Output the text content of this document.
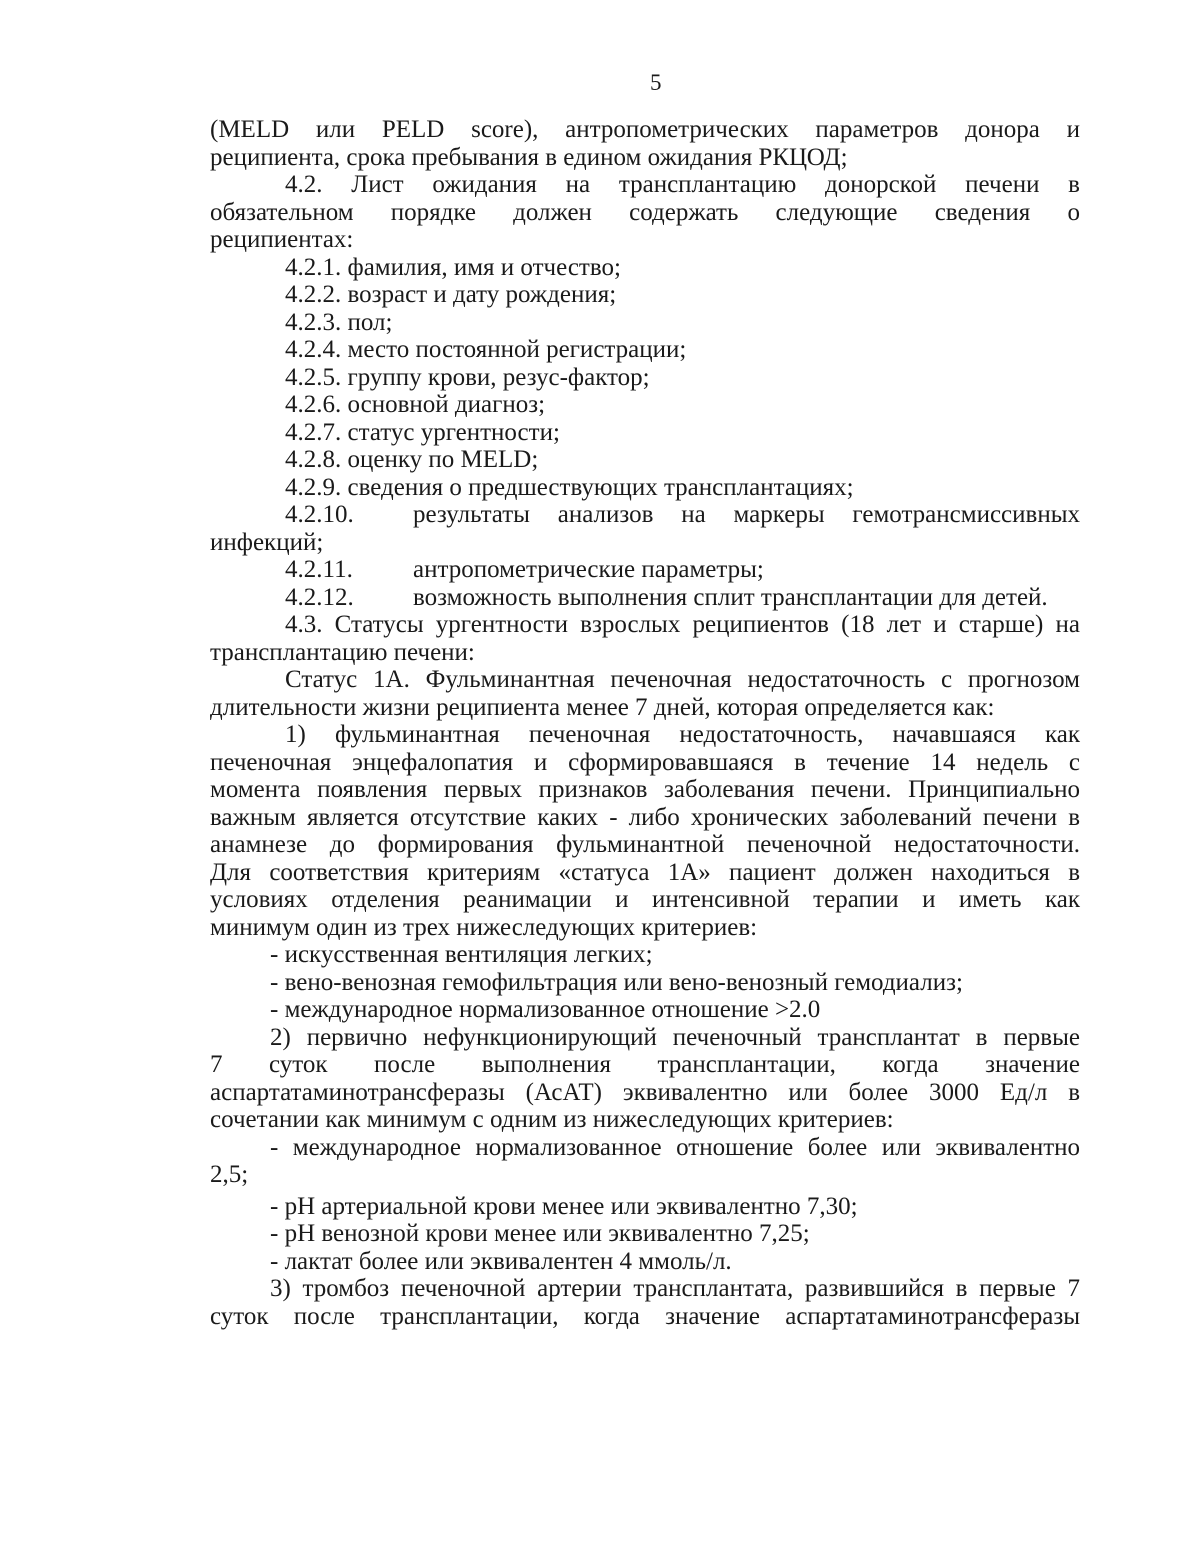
5

(MELD или PELD score), антропометрических параметров донора и

реципиента, срока пребывания в едином ожидания РКЦОД;

4.2. Лист ожидания на трансплантацию донорской печени в

обязательном порядке должен содержать следующие сведения о

реципиентах:

4.2.1. фамилия, имя и отчество;

4.2.2. возраст и дату рождения;

4.2.3. пол;

4.2.4. место постоянной регистрации;

4.2.5. группу крови, резус-фактор;

4.2.6. основной диагноз;

4.2.7. статус ургентности;

4.2.8. оценку по MELD;

4.2.9. сведения о предшествующих трансплантациях;

4.2.10.	результаты анализов на маркеры гемотрансмиссивных

инфекций;

4.2.11.	антропометрические параметры;
4.2.12.	возможность выполнения сплит трансплантации для детей.

4.3. Статусы ургентности взрослых реципиентов (18 лет и старше) на

трансплантацию печени:

Статус 1А. Фульминантная печеночная недостаточность с прогнозом

длительности жизни реципиента менее 7 дней, которая определяется как:

1) фульминантная печеночная недостаточность, начавшаяся как

печеночная энцефалопатия и сформировавшаяся в течение 14 недель с

момента появления первых признаков заболевания печени. Принципиально

важным является отсутствие каких - либо хронических заболеваний печени в

анамнезе до формирования фульминантной печеночной недостаточности.

Для соответствия критериям «статуса 1А» пациент должен находиться в

условиях отделения реанимации и интенсивной терапии и иметь как

минимум один из трех нижеследующих критериев:

- искусственная вентиляция легких;

- вено-венозная гемофильтрация или вено-венозный гемодиализ;

- международное нормализованное отношение >2.0

2) первично нефункционирующий печеночный трансплантат в первые

7 суток после выполнения трансплантации, когда значение

аспартатаминотрансферазы (АсАТ) эквивалентно или более 3000 Ед/л в

сочетании как минимум с одним из нижеследующих критериев:

- международное нормализованное отношение более или эквивалентно

2,5;

- pH артериальной крови менее или эквивалентно 7,30;

- pH венозной крови менее или эквивалентно 7,25;

- лактат более или эквивалентен 4 ммоль/л.

3) тромбоз печеночной артерии трансплантата, развившийся в первые 7

суток после трансплантации, когда значение аспартатаминотрансферазы
